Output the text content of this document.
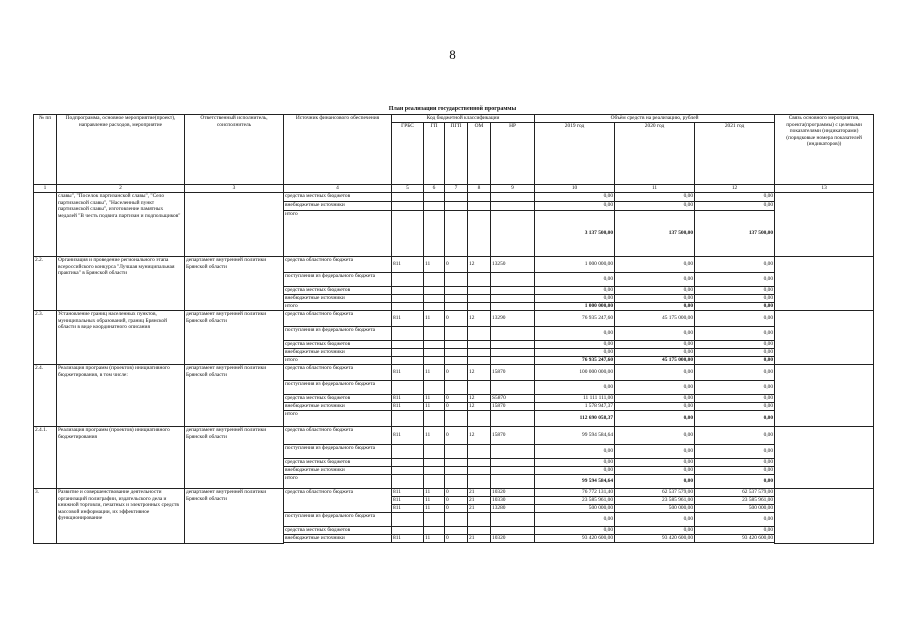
8
План реализации государственной программы
№ пп	Подпрограмма, основное мероприятие(проект), направление расходов, мероприятие	Ответственный исполнитель, соисполнитель	Источник финансового обеспечения	Код бюджетной классификации					Объём средств на реализацию, рублей			Связь основного мероприятия, проекта(программы) с целевыми показателями (индикаторами) (порядковые номера показателей (индикаторов))
				ГРБС	ГП	ПГП	ОМ	НР	2019 год	2020 год	2021 год	
1	2	3	4	5	6	7	8	9	10	11	12	13
	славы", "Поселок партизанской славы", "Село партизанской славы", "Населенный пункт партизанской славы", изготовление памятных медалей "В честь подвига партизан и подпольщиков"		средства местных бюджетов						0,00	0,00	0,00	
			внебюджетные источники						0,00	0,00	0,00	
			итого						3 137 500,00	137 500,00	137 500,00	
2.2.	Организация и проведение регионального этапа всероссийского конкурса "Лучшая муниципальная практика" в Брянской области	департамент внутренней политики Брянской области	средства областного бюджета	811	11	0	12	13250	1 000 000,00	0,00	0,00	
			поступления из федерального бюджета						0,00	0,00	0,00	
			средства местных бюджетов						0,00	0,00	0,00	
			внебюджетные источники						0,00	0,00	0,00	
			итого						1 000 000,00	0,00	0,00	
2.3.	Установление границ населенных пунктов, муниципальных образований, границ Брянской области в виде координатного описания	департамент внутренней политики Брянской области	средства областного бюджета	811	11	0	12	13290	76 935 247,60	45 175 000,00	0,00	
			поступления из федерального бюджета						0,00	0,00	0,00	
			средства местных бюджетов						0,00	0,00	0,00	
			внебюджетные источники						0,00	0,00	0,00	
			итого						76 935 247,60	45 175 000,00	0,00	
2.4.	Реализация программ (проектов) инициативного бюджетирования, в том числе:	департамент внутренней политики Брянской области	средства областного бюджета	811	11	0	12	15870	100 000 000,00	0,00	0,00	
			поступления из федерального бюджета						0,00	0,00	0,00	
			средства местных бюджетов	811	11	0	12	S5870	11 111 111,00	0,00	0,00	
			внебюджетные источники	811	11	0	12	15870	1 578 947,37	0,00	0,00	
			итого						112 690 058,37	0,00	0,00	
2.4.1.	Реализация программ (проектов) инициативного бюджетирования	департамент внутренней политики Брянской области	средства областного бюджета	811	11	0	12	15870	99 594 584,64	0,00	0,00	
			поступления из федерального бюджета						0,00	0,00	0,00	
			средства местных бюджетов						0,00	0,00	0,00	
			внебюджетные источники						0,00	0,00	0,00	
			итого						99 594 584,64	0,00	0,00	
3.	Развитие и совершенствование деятельности организаций полиграфии, издательского дела и книжной торговли, печатных и электронных средств массовой информации, их эффективное функционирование	департамент внутренней политики Брянской области	средства областного бюджета	811	11	0	21	10320	76 772 131,40	62 537 579,00	62 537 579,00	
				811	11	0	21	10330	23 585 961,00	23 585 961,00	23 585 961,00	
				811	11	0	21	13280	500 000,00	500 000,00	500 000,00	
			поступления из федерального бюджета						0,00	0,00	0,00	
			средства местных бюджетов						0,00	0,00	0,00	
			внебюджетные источники	811	11	0	21	10320	93 420 600,00	93 420 600,00	93 420 600,00	
